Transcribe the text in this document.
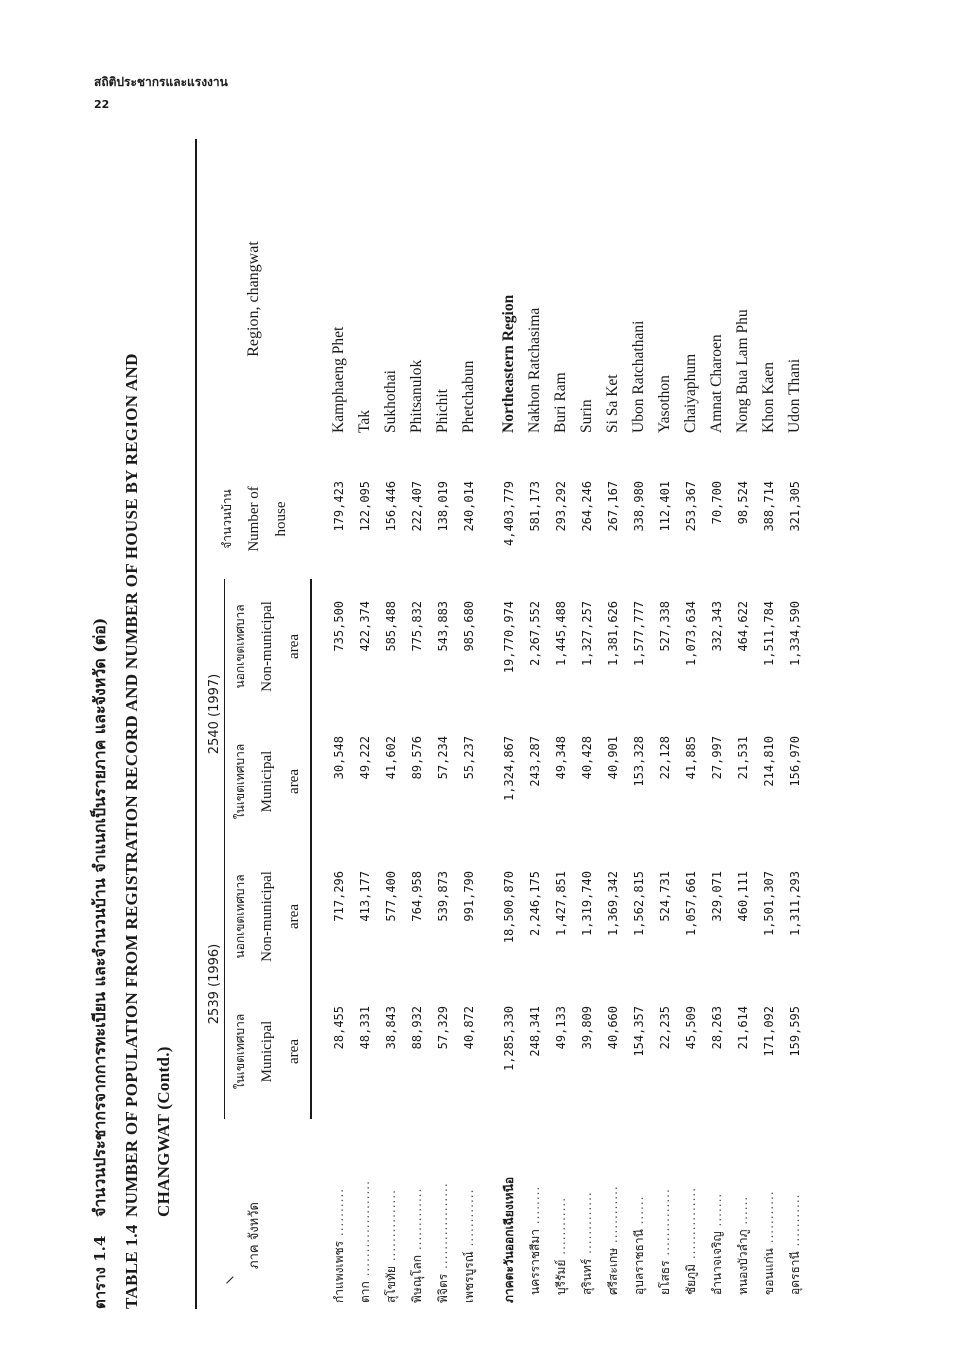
สถิติประชากรและแรงงาน
22
ตาราง 1.4จำนวนประชากรจากการทะเบียน และจำนวนบ้าน จำแนกเป็นรายภาค และจังหวัด (ต่อ)
TABLE 1.4NUMBER OF POPULATION FROM REGISTRATION RECORD AND NUMBER OF HOUSE BY REGION AND CHANGWAT (Contd.)
⸜
ภาค จังหวัด	2539 (1996)		2540 (1997)		จำนวนบ้าน Number of house	Region, changwat

	ในเขตเทศบาล Municipal area	นอกเขตเทศบาล Non-municipal area	ในเขตเทศบาล Municipal area	นอกเขตเทศบาล Non-municipal area		

กำแพงเพชร ..........	28,455	717,296	30,548	735,500	179,423	Kamphaeng Phet
ตาก ....................	48,331	413,177	49,222	422,374	122,095	Tak
สุโขทัย ...............	38,843	577,400	41,602	585,488	156,446	Sukhothai
พิษณุโลก .............	88,932	764,958	89,576	775,832	222,407	Phitsanulok
พิจิตร ..................	57,329	539,873	57,234	543,883	138,019	Phichit
เพชรบูรณ์ ............	40,872	991,790	55,237	985,680	240,014	Phetchabun

ภาคตะวันออกเฉียงเหนือ	1,285,330	18,500,870	1,324,867	19,770,974	4,403,779	Northeastern Region
นครราชสีมา ........	248,341	2,246,175	243,287	2,267,552	581,173	Nakhon Ratchasima
บุรีรัมย์ ............	49,133	1,427,851	49,348	1,445,488	293,292	Buri Ram
สุรินทร์ .............	39,809	1,319,740	40,428	1,327,257	264,246	Surin
ศรีสะเกษ ............	40,660	1,369,342	40,901	1,381,626	267,167	Si Sa Ket
อุบลราชธานี ......	154,357	1,562,815	153,328	1,577,777	338,980	Ubon Ratchathani
ยโสธร ..............	22,235	524,731	22,128	527,338	112,401	Yasothon
ชัยภูมิ ...............	45,509	1,057,661	41,885	1,073,634	253,367	Chaiyaphum
อำนาจเจริญ .......	28,263	329,071	27,997	332,343	70,700	Amnat Charoen
หนองบัวลำภู ......	21,614	460,111	21,531	464,622	98,524	Nong Bua Lam Phu
ขอนแก่น ...........	171,092	1,501,307	214,810	1,511,784	388,714	Khon Kaen
อุดรธานี ...........	159,595	1,311,293	156,970	1,334,590	321,305	Udon Thani
